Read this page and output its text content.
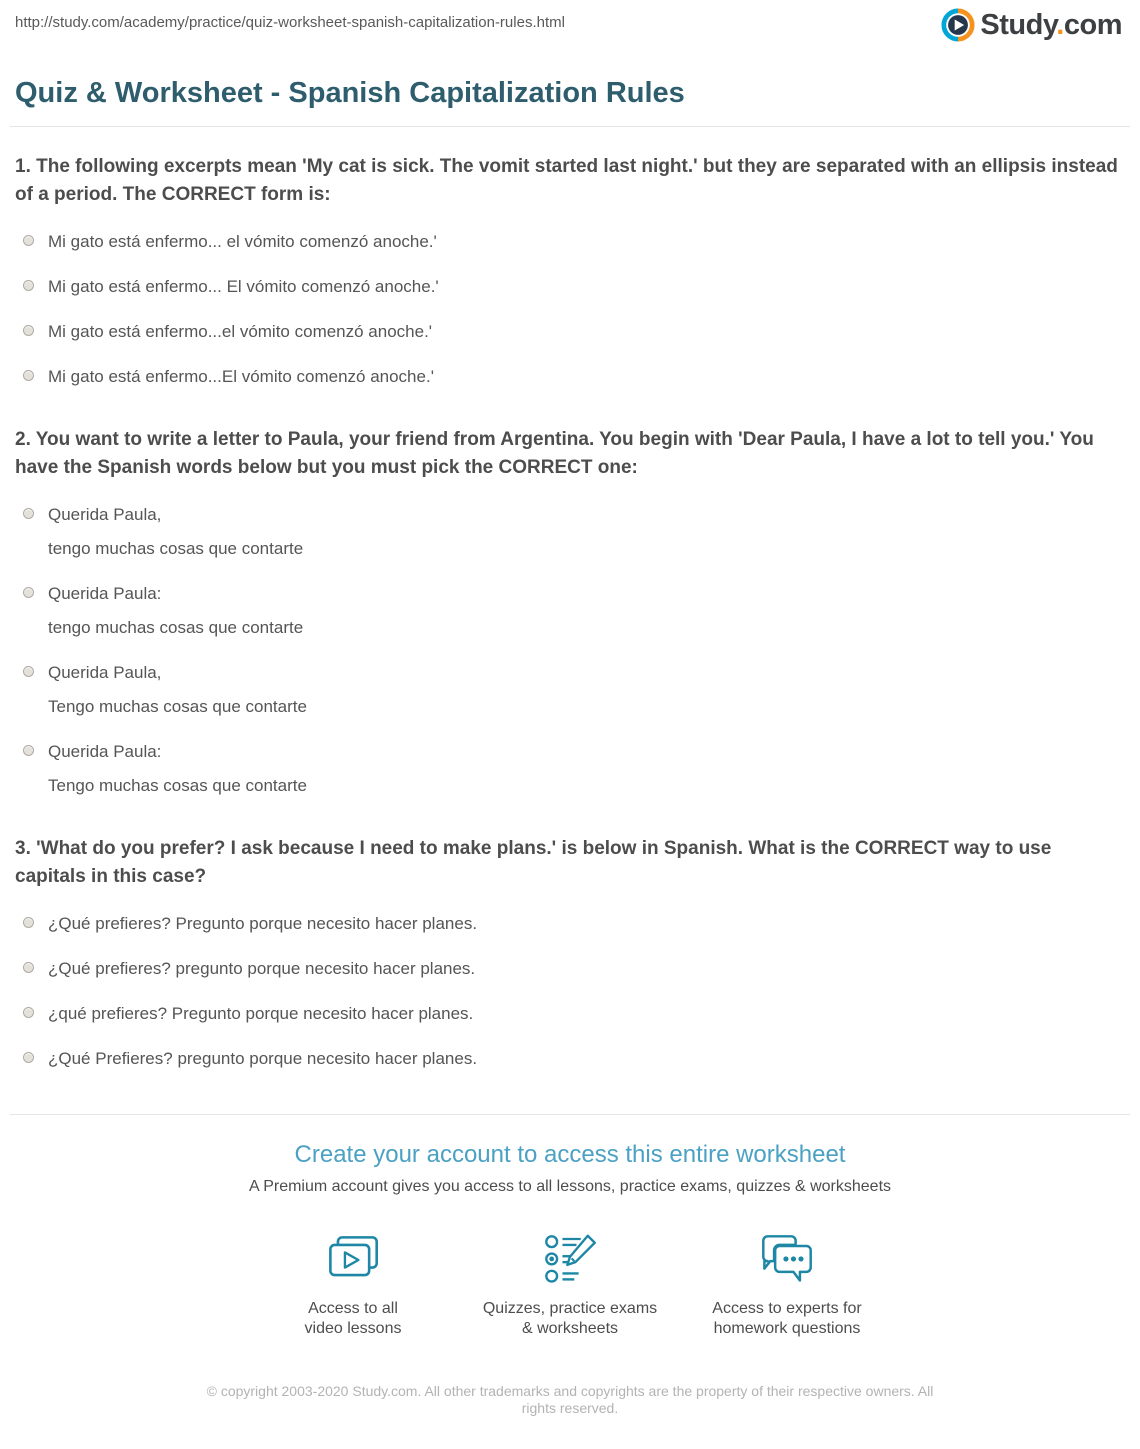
http://study.com/academy/practice/quiz-worksheet-spanish-capitalization-rules.html	Study.com
Quiz & Worksheet - Spanish Capitalization Rules
1. The following excerpts mean 'My cat is sick. The vomit started last night.' but they are separated with an ellipsis instead of a period. The CORRECT form is:
Mi gato está enfermo... el vómito comenzó anoche.'
Mi gato está enfermo... El vómito comenzó anoche.'
Mi gato está enfermo...el vómito comenzó anoche.'
Mi gato está enfermo...El vómito comenzó anoche.'
2. You want to write a letter to Paula, your friend from Argentina. You begin with 'Dear Paula, I have a lot to tell you.' You have the Spanish words below but you must pick the CORRECT one:
Querida Paula,
tengo muchas cosas que contarte
Querida Paula:
tengo muchas cosas que contarte
Querida Paula,
Tengo muchas cosas que contarte
Querida Paula:
Tengo muchas cosas que contarte
3. 'What do you prefer? I ask because I need to make plans.' is below in Spanish. What is the CORRECT way to use capitals in this case?
¿Qué prefieres? Pregunto porque necesito hacer planes.
¿Qué prefieres? pregunto porque necesito hacer planes.
¿qué prefieres? Pregunto porque necesito hacer planes.
¿Qué Prefieres? pregunto porque necesito hacer planes.
Create your account to access this entire worksheet
A Premium account gives you access to all lessons, practice exams, quizzes & worksheets
Access to all
video lessons
Quizzes, practice exams
& worksheets
Access to experts for
homework questions
© copyright 2003-2020 Study.com. All other trademarks and copyrights are the property of their respective owners. All rights reserved.
